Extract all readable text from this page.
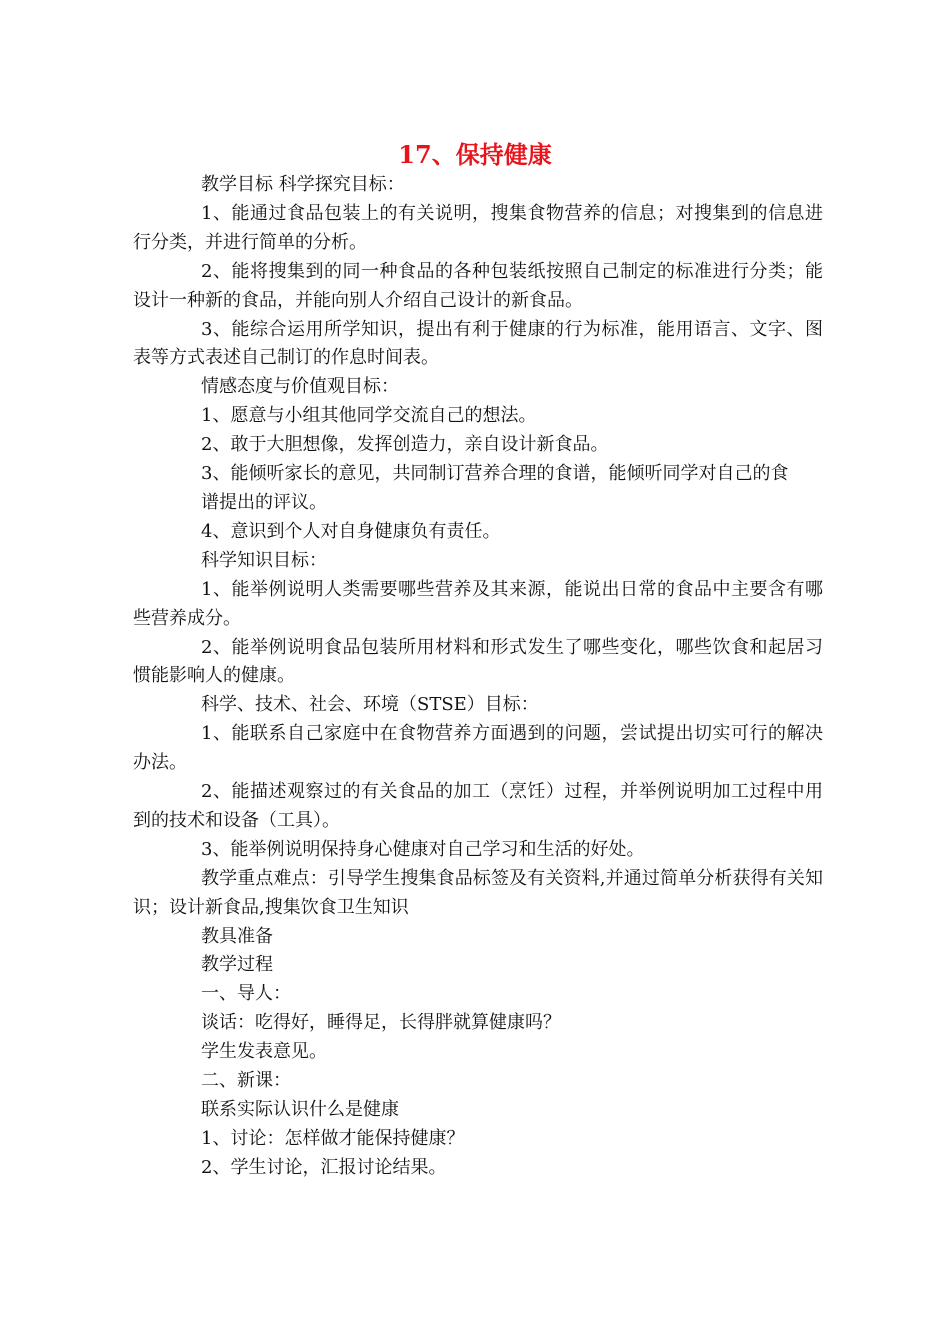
17、保持健康

教学目标 科学探究目标：

1、能通过食品包装上的有关说明，搜集食物营养的信息；对搜集到的信息进行分类，并进行简单的分析。

2、能将搜集到的同一种食品的各种包装纸按照自己制定的标准进行分类；能设计一种新的食品，并能向别人介绍自己设计的新食品。

3、能综合运用所学知识，提出有利于健康的行为标准，能用语言、文字、图表等方式表述自己制订的作息时间表。

情感态度与价值观目标：

1、愿意与小组其他同学交流自己的想法。

2、敢于大胆想像，发挥创造力，亲自设计新食品。

3、能倾听家长的意见，共同制订营养合理的食谱，能倾听同学对自己的食

谱提出的评议。

4、意识到个人对自身健康负有责任。

科学知识目标：

1、能举例说明人类需要哪些营养及其来源，能说出日常的食品中主要含有哪些营养成分。

2、能举例说明食品包装所用材料和形式发生了哪些变化，哪些饮食和起居习惯能影响人的健康。

科学、技术、社会、环境（STSE）目标：

1、能联系自己家庭中在食物营养方面遇到的问题，尝试提出切实可行的解决办法。

2、能描述观察过的有关食品的加工（烹饪）过程，并举例说明加工过程中用到的技术和设备（工具）。

3、能举例说明保持身心健康对自己学习和生活的好处。

教学重点难点：引导学生搜集食品标签及有关资料,并通过简单分析获得有关知识；设计新食品,搜集饮食卫生知识

教具准备

教学过程

一、导人：

谈话：吃得好，睡得足，长得胖就算健康吗？

学生发表意见。

二、新课：

联系实际认识什么是健康

1、讨论：怎样做才能保持健康？

2、学生讨论，汇报讨论结果。
